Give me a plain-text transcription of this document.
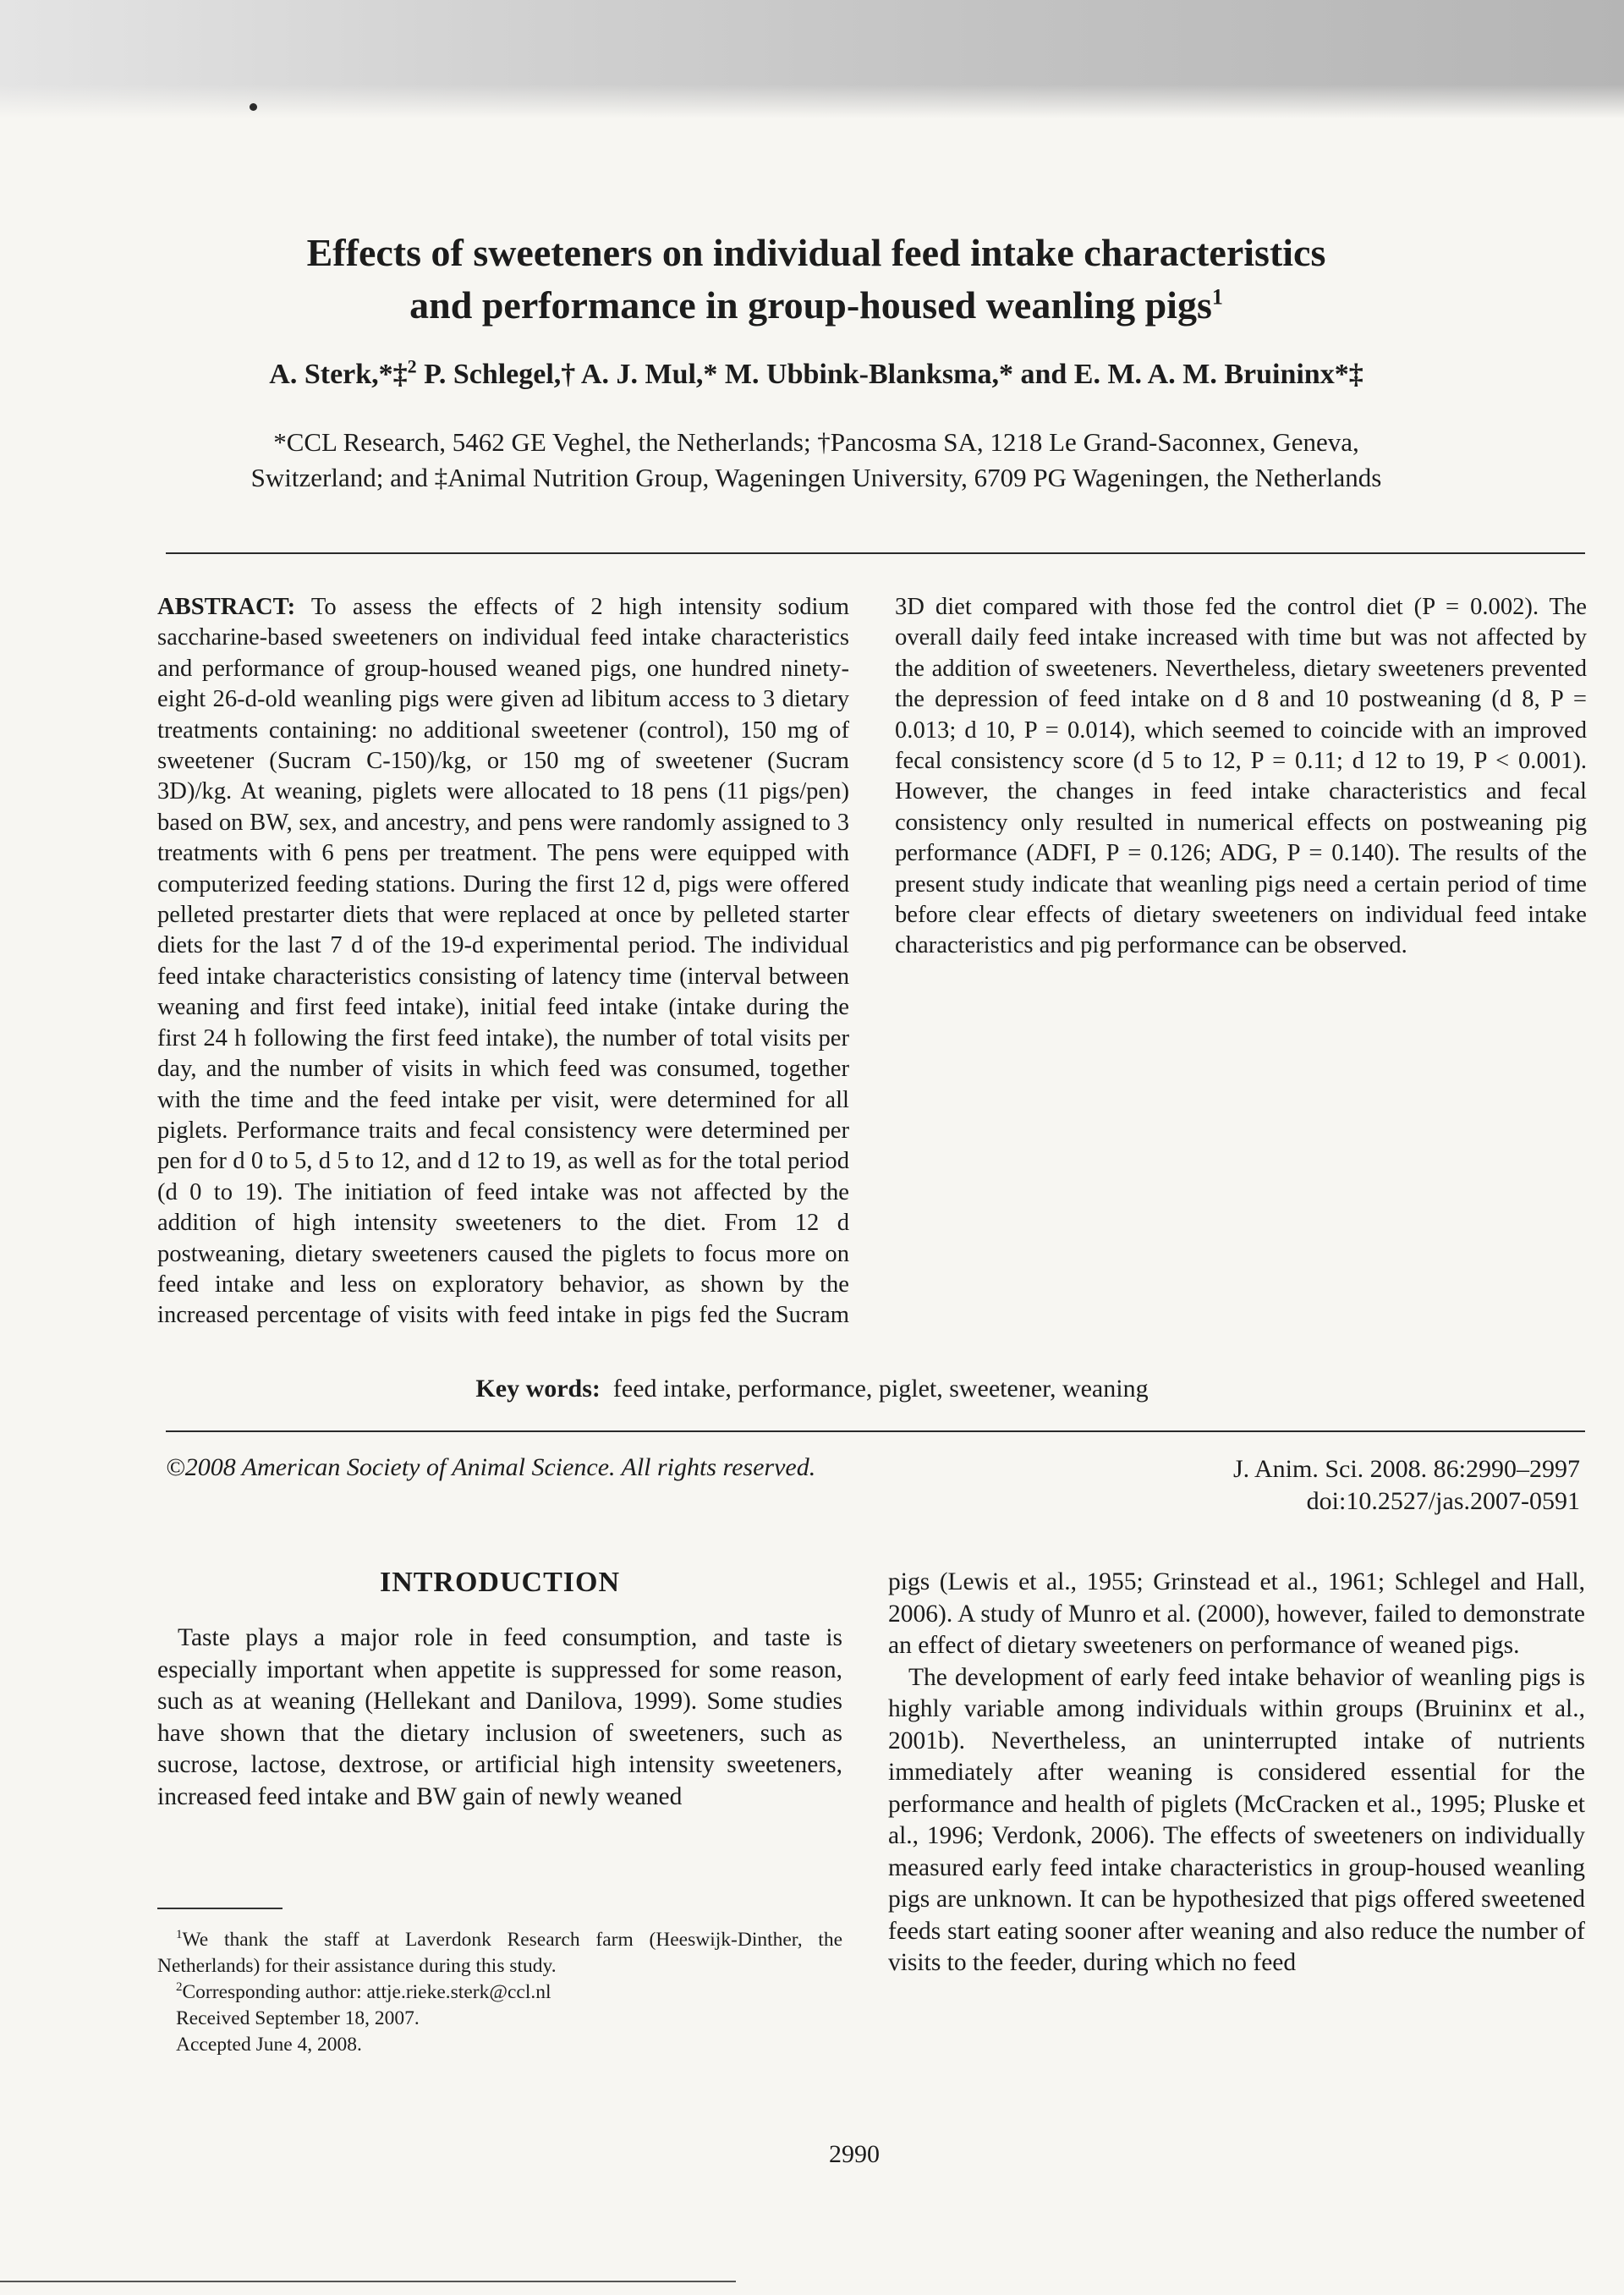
Effects of sweeteners on individual feed intake characteristics
and performance in group-housed weanling pigs$^1$

A. Sterk,*‡$^2$ P. Schlegel,† A. J. Mul,* M. Ubbink-Blanksma,* and E. M. A. M. Bruininx*‡

*CCL Research, 5462 GE Veghel, the Netherlands; †Pancosma SA, 1218 Le Grand-Saconnex, Geneva,
Switzerland; and ‡Animal Nutrition Group, Wageningen University, 6709 PG Wageningen, the Netherlands

ABSTRACT: To assess the effects of 2 high intensity sodium saccharine-based sweeteners on individual feed intake characteristics and performance of group-housed weaned pigs, one hundred ninety-eight 26-d-old weanling pigs were given ad libitum access to 3 dietary treatments containing: no additional sweetener (control), 150 mg of sweetener (Sucram C-150)/kg, or 150 mg of sweetener (Sucram 3D)/kg. At weaning, piglets were allocated to 18 pens (11 pigs/pen) based on BW, sex, and ancestry, and pens were randomly assigned to 3 treatments with 6 pens per treatment. The pens were equipped with computerized feeding stations. During the first 12 d, pigs were offered pelleted prestarter diets that were replaced at once by pelleted starter diets for the last 7 d of the 19-d experimental period. The individual feed intake characteristics consisting of latency time (interval between weaning and first feed intake), initial feed intake (intake during the first 24 h following the first feed intake), the number of total visits per day, and the number of visits in which feed was consumed, together with the time and the feed intake per visit, were determined for all piglets. Performance traits and fecal consistency were determined per pen for d 0 to 5, d 5 to 12, and d 12 to 19, as well as for the total period (d 0 to 19). The initiation of feed intake was not affected by the addition of high intensity sweeteners to the diet. From 12 d postweaning, dietary sweeteners caused the piglets to focus more on feed intake and less on exploratory behavior, as shown by the increased percentage of visits with feed intake in pigs fed the Sucram 3D diet compared with those fed the control diet (P = 0.002). The overall daily feed intake increased with time but was not affected by the addition of sweeteners. Nevertheless, dietary sweeteners prevented the depression of feed intake on d 8 and 10 postweaning (d 8, P = 0.013; d 10, P = 0.014), which seemed to coincide with an improved fecal consistency score (d 5 to 12, P = 0.11; d 12 to 19, P < 0.001). However, the changes in feed intake characteristics and fecal consistency only resulted in numerical effects on postweaning pig performance (ADFI, P = 0.126; ADG, P = 0.140). The results of the present study indicate that weanling pigs need a certain period of time before clear effects of dietary sweeteners on individual feed intake characteristics and pig performance can be observed.

Key words: feed intake, performance, piglet, sweetener, weaning

©2008 American Society of Animal Science. All rights reserved.	J. Anim. Sci. 2008. 86:2990–2997
doi:10.2527/jas.2007-0591

INTRODUCTION

Taste plays a major role in feed consumption, and taste is especially important when appetite is suppressed for some reason, such as at weaning (Hellekant and Danilova, 1999). Some studies have shown that the dietary inclusion of sweeteners, such as sucrose, lactose, dextrose, or artificial high intensity sweeteners, increased feed intake and BW gain of newly weaned

pigs (Lewis et al., 1955; Grinstead et al., 1961; Schlegel and Hall, 2006). A study of Munro et al. (2000), however, failed to demonstrate an effect of dietary sweeteners on performance of weaned pigs.

The development of early feed intake behavior of weanling pigs is highly variable among individuals within groups (Bruininx et al., 2001b). Nevertheless, an uninterrupted intake of nutrients immediately after weaning is considered essential for the performance and health of piglets (McCracken et al., 1995; Pluske et al., 1996; Verdonk, 2006). The effects of sweeteners on individually measured early feed intake characteristics in group-housed weanling pigs are unknown. It can be hypothesized that pigs offered sweetened feeds start eating sooner after weaning and also reduce the number of visits to the feeder, during which no feed

$^1$We thank the staff at Laverdonk Research farm (Heeswijk-Dinther, the Netherlands) for their assistance during this study.

$^2$Corresponding author: attje.rieke.sterk@ccl.nl

Received September 18, 2007.

Accepted June 4, 2008.

2990
